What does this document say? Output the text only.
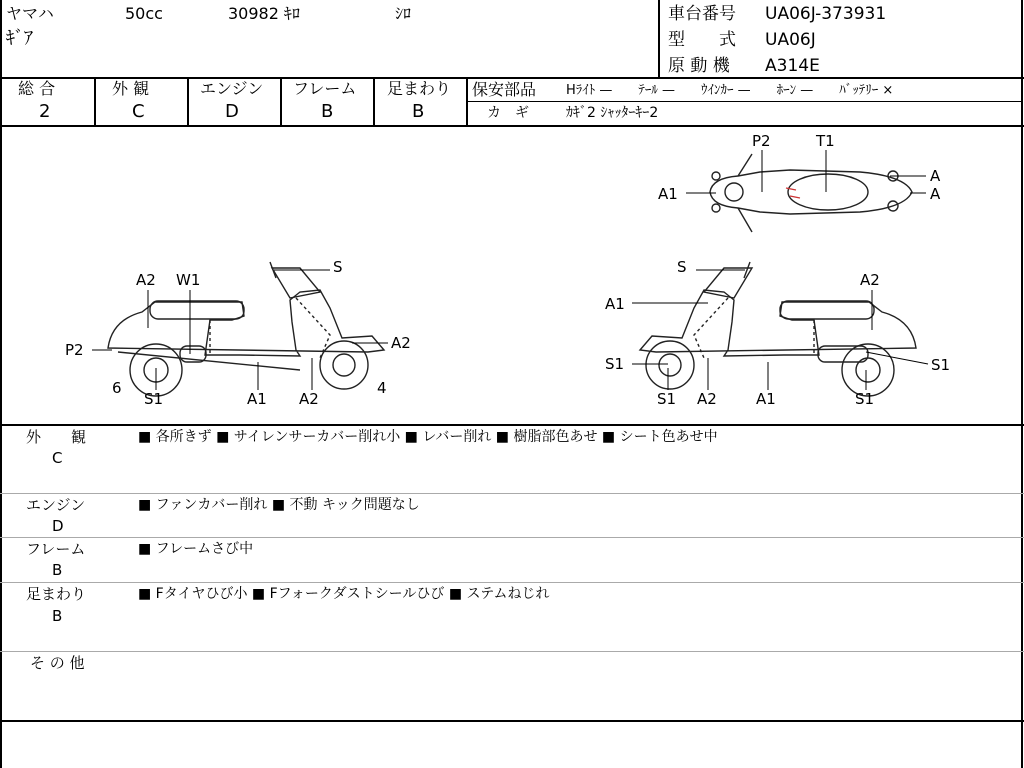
ヤマハ	50cc	30982 ｷﾛ	ｼﾛ
ｷﾞｱ
車台番号 UA06J-373931
型　　式 UA06J
原 動 機 A314E
総 合
2
外 観
C
エンジン
D
フレーム
B
足まわり
B
保安部品 Hﾗｲﾄ —　　ﾃｰﾙ —　　ｳｲﾝｶｰ —　　ﾎｰﾝ —　　ﾊﾞｯﾃﾘｰ ×
カ　ギ	ｶｷﾞ2 ｼｬｯﾀｰｷｰ2
A2 W1
S
P2	A2
6
S1	A1 A2
4
S
A2
A1
S1	S1
S1 A2	A1	S1
P2	T1
A
A1	A
外　　観
C
■ 各所きず ■ サイレンサーカバー削れ小 ■ レバー削れ ■ 樹脂部色あせ ■ シート色あせ中
エンジン
D
■ ファンカバー削れ ■ 不動 キック問題なし
フレーム
B
■ フレームさび中
足まわり
B
■ Fタイヤひび小 ■ Fフォークダストシールひび ■ ステムねじれ
そ の 他
